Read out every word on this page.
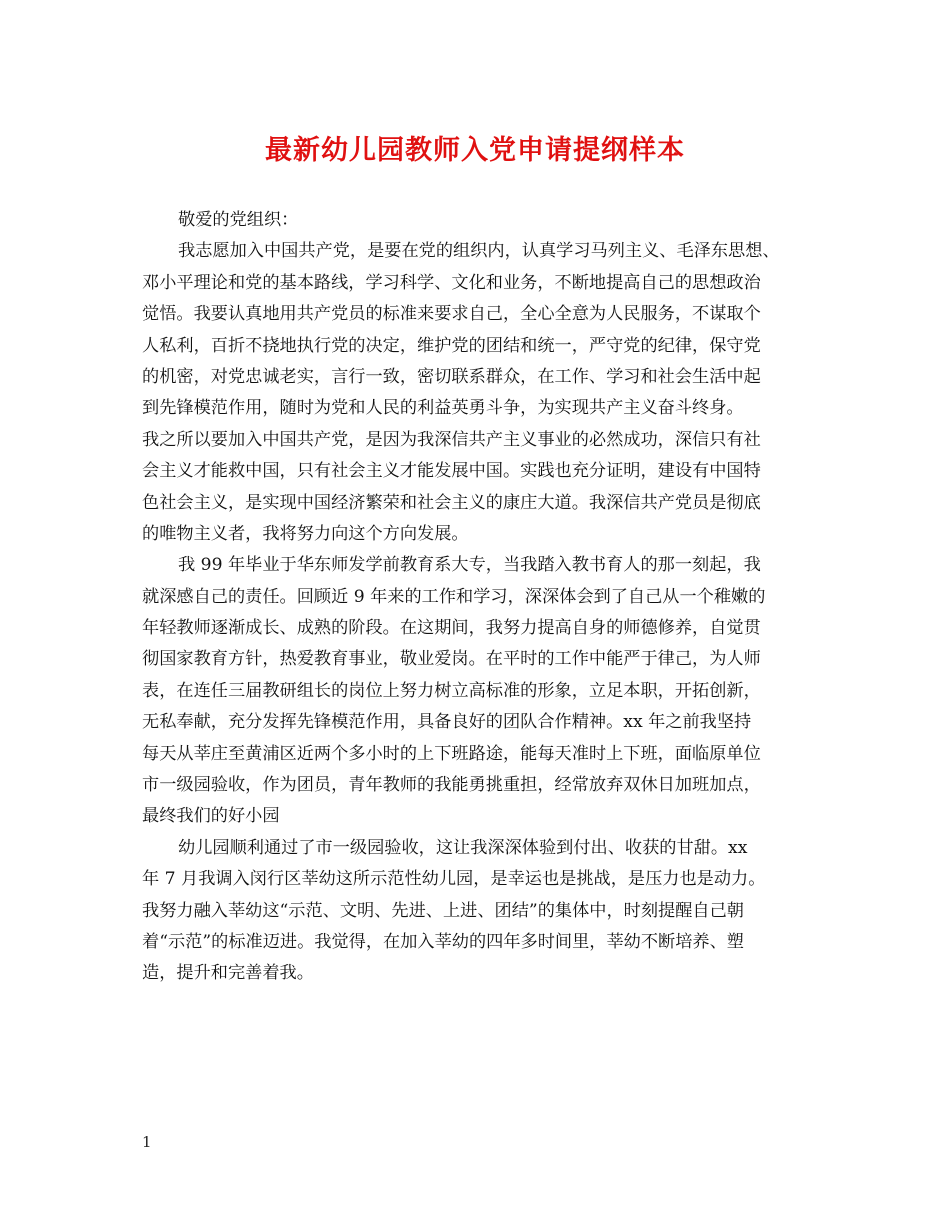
最新幼儿园教师入党申请提纲样本
敬爱的党组织：
我志愿加入中国共产党，是要在党的组织内，认真学习马列主义、毛泽东思想、
邓小平理论和党的基本路线，学习科学、文化和业务，不断地提高自己的思想政治
觉悟。我要认真地用共产党员的标准来要求自己，全心全意为人民服务，不谋取个
人私利，百折不挠地执行党的决定，维护党的团结和统一，严守党的纪律，保守党
的机密，对党忠诚老实，言行一致，密切联系群众，在工作、学习和社会生活中起
到先锋模范作用，随时为党和人民的利益英勇斗争，为实现共产主义奋斗终身。
我之所以要加入中国共产党，是因为我深信共产主义事业的必然成功，深信只有社
会主义才能救中国，只有社会主义才能发展中国。实践也充分证明，建设有中国特
色社会主义，是实现中国经济繁荣和社会主义的康庄大道。我深信共产党员是彻底
的唯物主义者，我将努力向这个方向发展。
我 99 年毕业于华东师发学前教育系大专，当我踏入教书育人的那一刻起，我
就深感自己的责任。回顾近 9 年来的工作和学习，深深体会到了自己从一个稚嫩的
年轻教师逐渐成长、成熟的阶段。在这期间，我努力提高自身的师德修养，自觉贯
彻国家教育方针，热爱教育事业，敬业爱岗。在平时的工作中能严于律己，为人师
表，在连任三届教研组长的岗位上努力树立高标准的形象，立足本职，开拓创新，
无私奉献，充分发挥先锋模范作用，具备良好的团队合作精神。xx 年之前我坚持
每天从莘庄至黄浦区近两个多小时的上下班路途，能每天准时上下班，面临原单位
市一级园验收，作为团员，青年教师的我能勇挑重担，经常放弃双休日加班加点，
最终我们的好小园
幼儿园顺利通过了市一级园验收，这让我深深体验到付出、收获的甘甜。xx
年 7 月我调入闵行区莘幼这所示范性幼儿园，是幸运也是挑战，是压力也是动力。
我努力融入莘幼这“示范、文明、先进、上进、团结”的集体中，时刻提醒自己朝
着“示范”的标准迈进。我觉得，在加入莘幼的四年多时间里，莘幼不断培养、塑
造，提升和完善着我。
1
